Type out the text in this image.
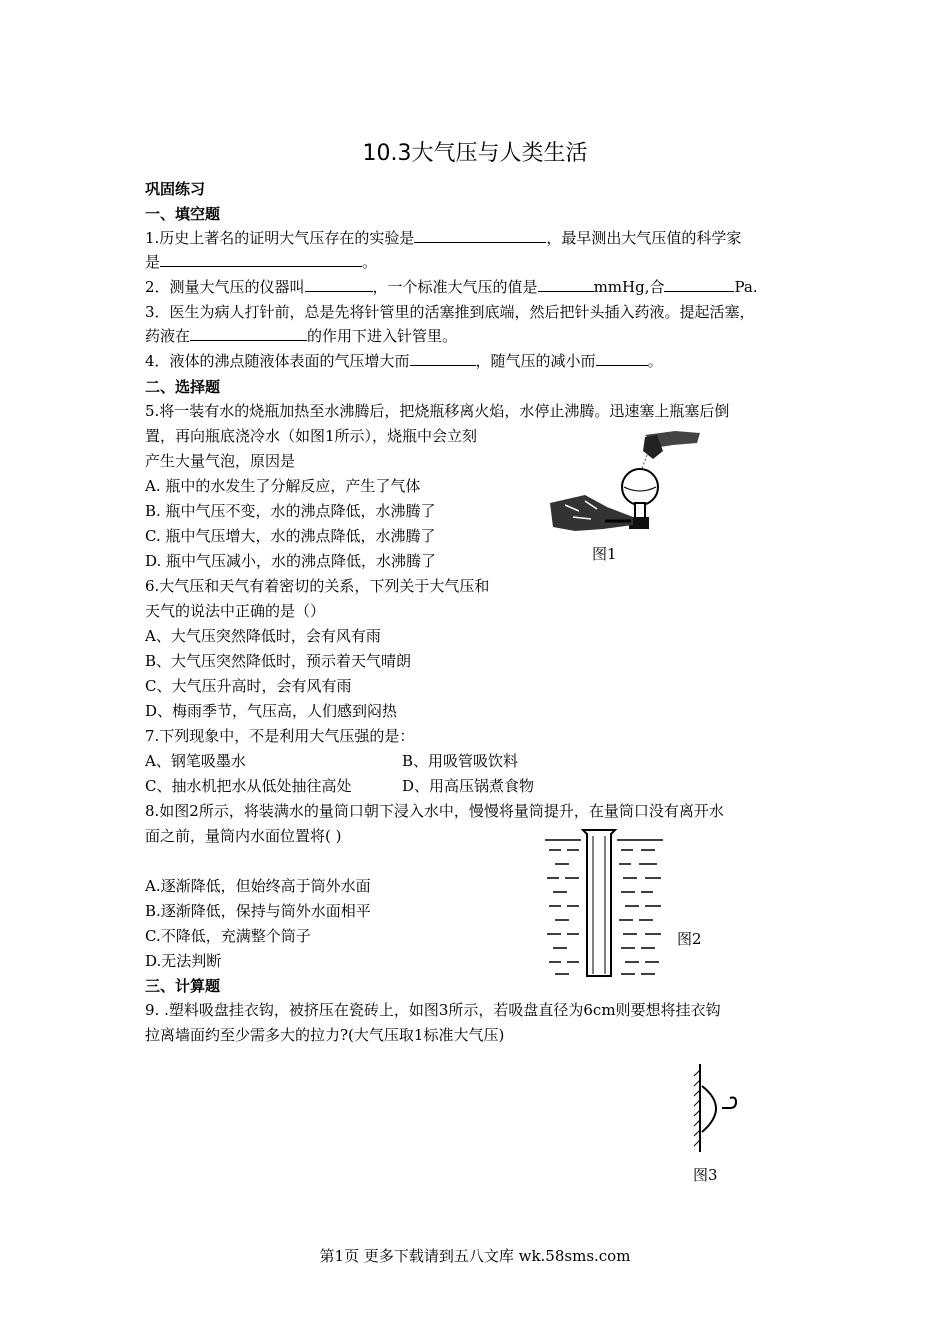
10.3大气压与人类生活
巩固练习
一、填空题
1.历史上著名的证明大气压存在的实验是	，最早测出大气压值的科学家
是	。
2．测量大气压的仪器叫	，一个标准大气压的值是	mmHg,合	Pa.
3．医生为病人打针前，总是先将针管里的活塞推到底端，然后把针头插入药液。提起活塞，
药液在	的作用下进入针管里。
4．液体的沸点随液体表面的气压增大而	，随气压的减小而	。
二、选择题
5.将一装有水的烧瓶加热至水沸腾后，把烧瓶移离火焰，水停止沸腾。迅速塞上瓶塞后倒
置，再向瓶底浇冷水（如图1所示），烧瓶中会立刻
产生大量气泡，原因是
A. 瓶中的水发生了分解反应，产生了气体
B. 瓶中气压不变，水的沸点降低，水沸腾了
C. 瓶中气压增大，水的沸点降低，水沸腾了
D. 瓶中气压减小，水的沸点降低，水沸腾了	图1
6.大气压和天气有着密切的关系，下列关于大气压和
天气的说法中正确的是（）
A、大气压突然降低时，会有风有雨
B、大气压突然降低时，预示着天气晴朗
C、大气压升高时，会有风有雨
D、梅雨季节，气压高，人们感到闷热
7.下列现象中，不是利用大气压强的是：
A、钢笔吸墨水	B、用吸管吸饮料
C、抽水机把水从低处抽往高处	D、用高压锅煮食物
8.如图2所示，将装满水的量筒口朝下浸入水中，慢慢将量筒提升，在量筒口没有离开水
面之前，量筒内水面位置将( )
A.逐渐降低，但始终高于筒外水面
B.逐渐降低，保持与筒外水面相平
C.不降低，充满整个筒子
D.无法判断
图2
三、计算题
9. .塑料吸盘挂衣钩，被挤压在瓷砖上，如图3所示，若吸盘直径为6cm则要想将挂衣钩
拉离墙面约至少需多大的拉力?(大气压取1标准大气压)
图3
第1页 更多下载请到五八文库 wk.58sms.com
